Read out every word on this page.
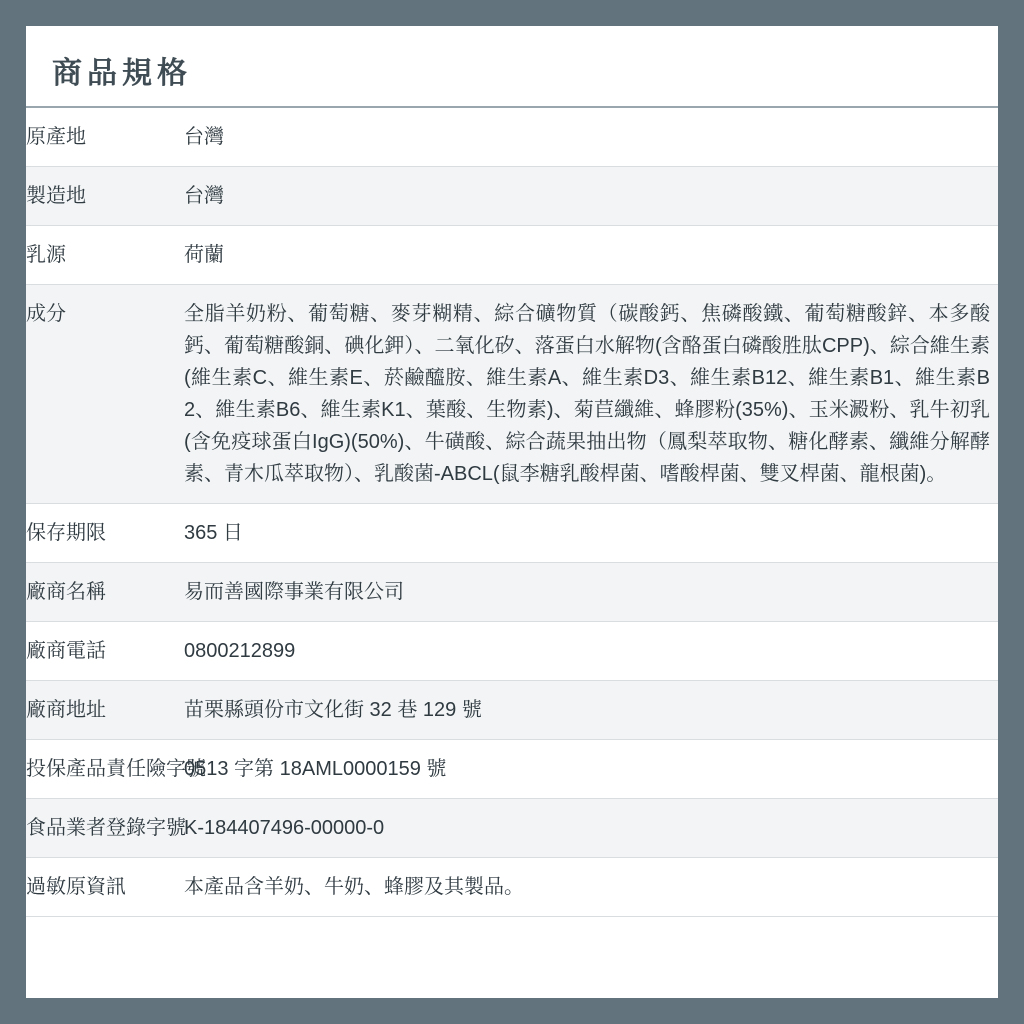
商品規格
原產地	台灣
製造地	台灣
乳源	荷蘭
成分	全脂羊奶粉、葡萄糖、麥芽糊精、綜合礦物質（碳酸鈣、焦磷酸鐵、葡萄糖酸鋅、本多酸鈣、葡萄糖酸銅、碘化鉀）、二氧化矽、落蛋白水解物(含酪蛋白磷酸胜肽CPP)、綜合維生素(維生素C、維生素E、菸鹼醯胺、維生素A、維生素D3、維生素B12、維生素B1、維生素B2、維生素B6、維生素K1、葉酸、生物素)、菊苣纖維、蜂膠粉(35%)、玉米澱粉、乳牛初乳(含免疫球蛋白IgG)(50%)、牛磺酸、綜合蔬果抽出物（鳳梨萃取物、糖化酵素、纖維分解酵素、青木瓜萃取物）、乳酸菌-ABCL(鼠李糖乳酸桿菌、嗜酸桿菌、雙叉桿菌、龍根菌)。
保存期限	365 日
廠商名稱	易而善國際事業有限公司
廠商電話	0800212899
廠商地址	苗栗縣頭份市文化街 32 巷 129 號
投保產品責任險字號	0513 字第 18AML0000159 號
食品業者登錄字號	K-184407496-00000-0
過敏原資訊	本產品含羊奶、牛奶、蜂膠及其製品。
